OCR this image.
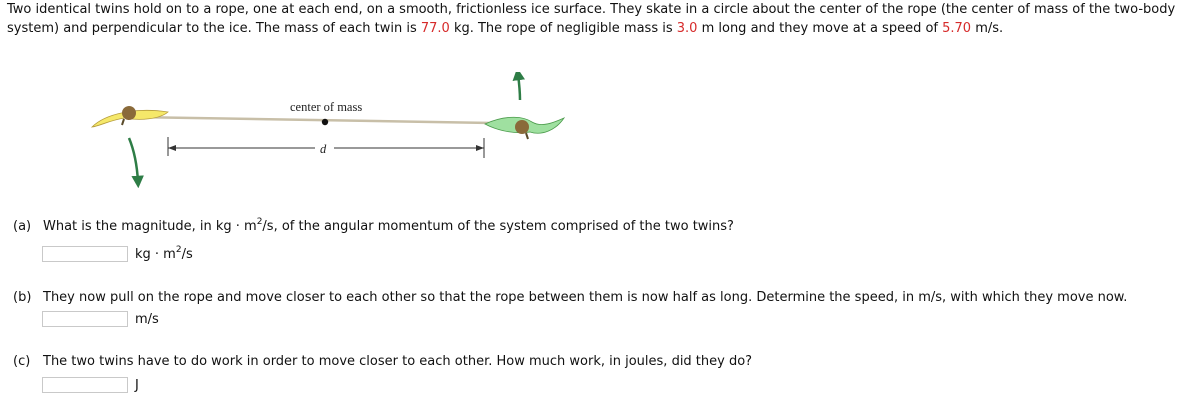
Two identical twins hold on to a rope, one at each end, on a smooth, frictionless ice surface. They skate in a circle about the center of the rope (the center of mass of the two-body system) and perpendicular to the ice. The mass of each twin is 77.0 kg. The rope of negligible mass is 3.0 m long and they move at a speed of 5.70 m/s.

center of mass
d
(a) What is the magnitude, in kg · $m^2/s$, of the angular momentum of the system comprised of the two twins?
kg · $m^2/s$
(b) They now pull on the rope and move closer to each other so that the rope between them is now half as long. Determine the speed, in m/s, with which they move now.
m/s
(c) The two twins have to do work in order to move closer to each other. How much work, in joules, did they do?
J
